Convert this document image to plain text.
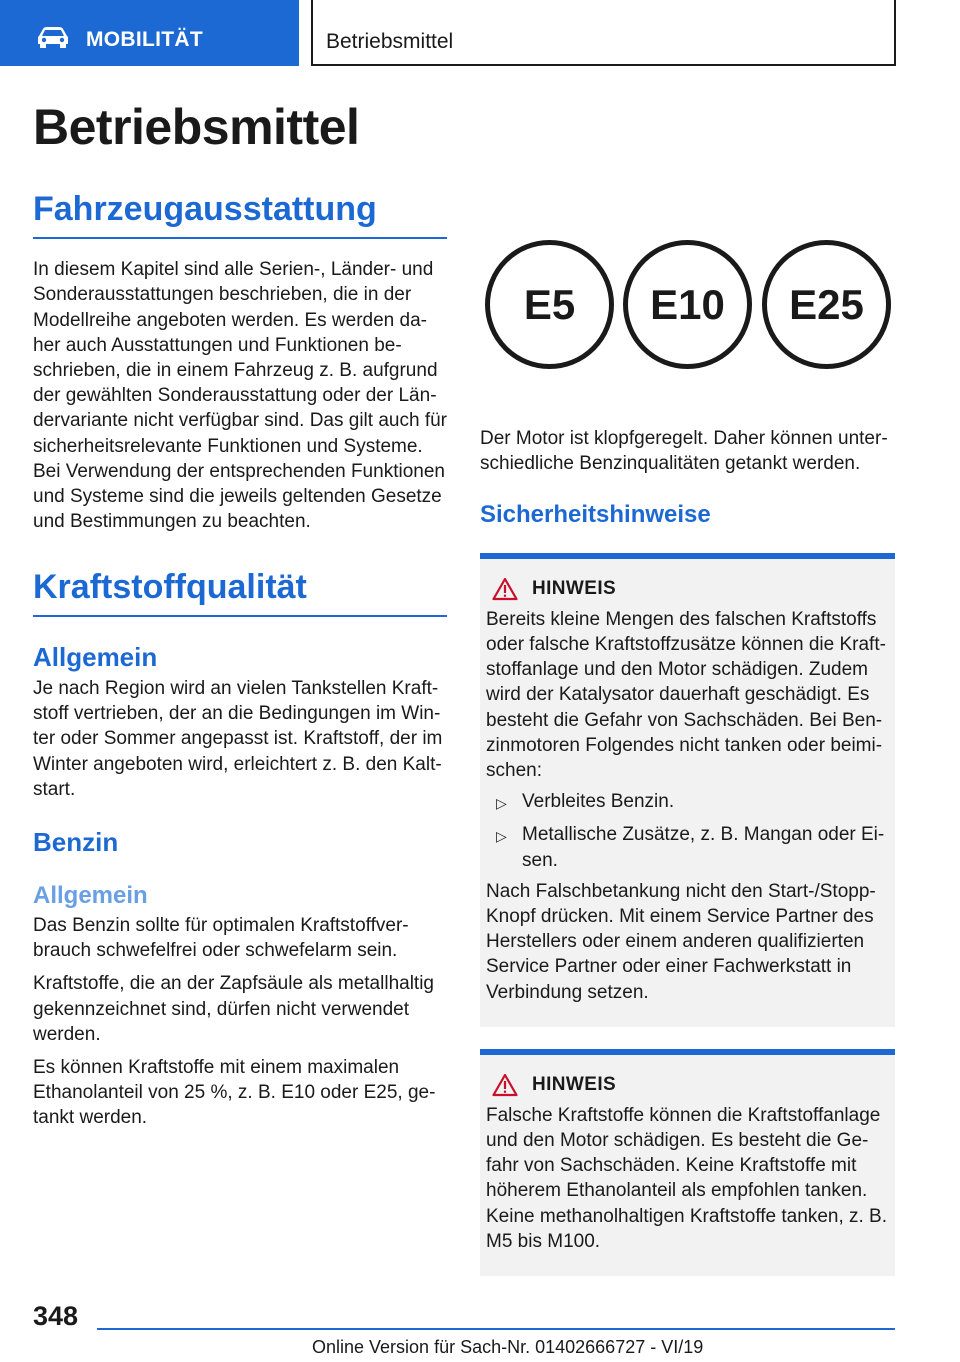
MOBILITÄT	Betriebsmittel
Betriebsmittel
Fahrzeugausstattung
In diesem Kapitel sind alle Serien-, Länder- und Sonderausstattungen beschrieben, die in der Modellreihe angeboten werden. Es werden daher auch Ausstattungen und Funktionen beschrieben, die in einem Fahrzeug z. B. aufgrund der gewählten Sonderausstattung oder der Ländervariante nicht verfügbar sind. Das gilt auch für sicherheitsrelevante Funktionen und Systeme. Bei Verwendung der entsprechenden Funktionen und Systeme sind die jeweils geltenden Gesetze und Bestimmungen zu beachten.
Kraftstoffqualität
Allgemein
Je nach Region wird an vielen Tankstellen Kraftstoff vertrieben, der an die Bedingungen im Winter oder Sommer angepasst ist. Kraftstoff, der im Winter angeboten wird, erleichtert z. B. den Kaltstart.
Benzin
Allgemein
Das Benzin sollte für optimalen Kraftstoffverbrauch schwefelfrei oder schwefelarm sein.
Kraftstoffe, die an der Zapfsäule als metallhaltig gekennzeichnet sind, dürfen nicht verwendet werden.
Es können Kraftstoffe mit einem maximalen Ethanolanteil von 25 %, z. B. E10 oder E25, getankt werden.
E5	E10	E25
Der Motor ist klopfgeregelt. Daher können unterschiedliche Benzinqualitäten getankt werden.
Sicherheitshinweise
HINWEIS
Bereits kleine Mengen des falschen Kraftstoffs oder falsche Kraftstoffzusätze können die Kraftstoffanlage und den Motor schädigen. Zudem wird der Katalysator dauerhaft geschädigt. Es besteht die Gefahr von Sachschäden. Bei Benzinmotoren Folgendes nicht tanken oder beimischen:
▷ Verbleites Benzin.
▷ Metallische Zusätze, z. B. Mangan oder Eisen.
Nach Falschbetankung nicht den Start-/Stopp-Knopf drücken. Mit einem Service Partner des Herstellers oder einem anderen qualifizierten Service Partner oder einer Fachwerkstatt in Verbindung setzen.
HINWEIS
Falsche Kraftstoffe können die Kraftstoffanlage und den Motor schädigen. Es besteht die Gefahr von Sachschäden. Keine Kraftstoffe mit höherem Ethanolanteil als empfohlen tanken. Keine methanolhaltigen Kraftstoffe tanken, z. B. M5 bis M100.
348
Online Version für Sach-Nr. 01402666727 - VI/19
